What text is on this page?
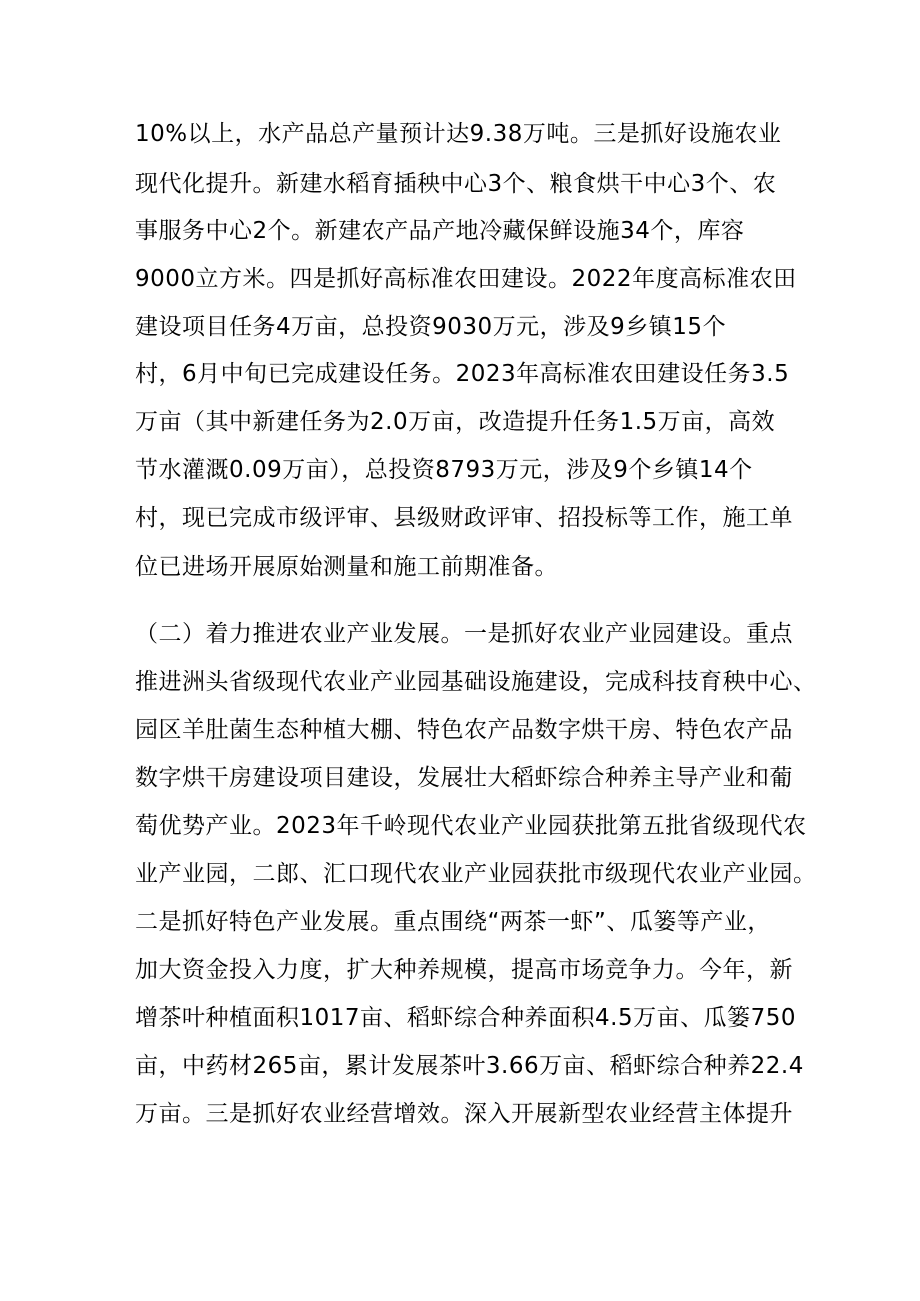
10%以上，水产品总产量预计达9.38万吨。三是抓好设施农业
现代化提升。新建水稻育插秧中心3个、粮食烘干中心3个、农
事服务中心2个。新建农产品产地冷藏保鲜设施34个，库容
9000立方米。四是抓好高标准农田建设。2022年度高标准农田
建设项目任务4万亩，总投资9030万元，涉及9乡镇15个
村，6月中旬已完成建设任务。2023年高标准农田建设任务3.5
万亩（其中新建任务为2.0万亩，改造提升任务1.5万亩，高效
节水灌溉0.09万亩），总投资8793万元，涉及9个乡镇14个
村，现已完成市级评审、县级财政评审、招投标等工作，施工单
位已进场开展原始测量和施工前期准备。
（二）着力推进农业产业发展。一是抓好农业产业园建设。重点
推进洲头省级现代农业产业园基础设施建设，完成科技育秧中心、
园区羊肚菌生态种植大棚、特色农产品数字烘干房、特色农产品
数字烘干房建设项目建设，发展壮大稻虾综合种养主导产业和葡
萄优势产业。2023年千岭现代农业产业园获批第五批省级现代农
业产业园，二郎、汇口现代农业产业园获批市级现代农业产业园。
二是抓好特色产业发展。重点围绕“两茶一虾”、瓜篓等产业，
加大资金投入力度，扩大种养规模，提高市场竞争力。今年，新
增茶叶种植面积1017亩、稻虾综合种养面积4.5万亩、瓜篓750
亩，中药材265亩，累计发展茶叶3.66万亩、稻虾综合种养22.4
万亩。三是抓好农业经营增效。深入开展新型农业经营主体提升
